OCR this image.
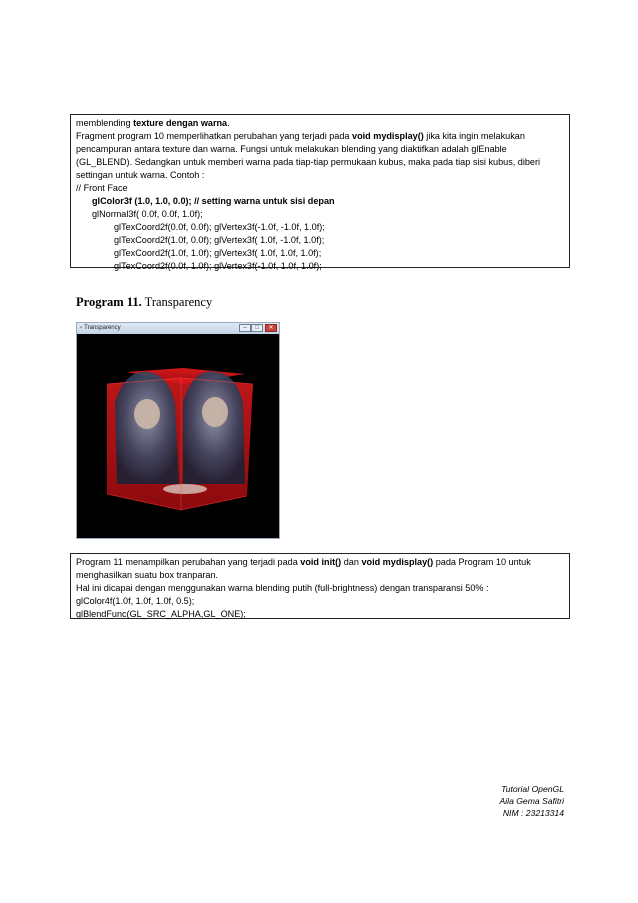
memblending texture dengan warna.

Fragment program 10 memperlihatkan perubahan yang terjadi pada void mydisplay() jika kita ingin melakukan

pencampuran antara texture dan warna. Fungsi untuk melakukan blending yang diaktifkan adalah glEnable

(GL_BLEND). Sedangkan untuk memberi warna pada tiap-tiap permukaan kubus, maka pada tiap sisi kubus, diberi

settingan untuk warna. Contoh :

// Front Face

glColor3f (1.0, 1.0, 0.0); // setting warna untuk sisi depan

glNormal3f( 0.0f, 0.0f, 1.0f);

glTexCoord2f(0.0f, 0.0f); glVertex3f(-1.0f, -1.0f, 1.0f);

glTexCoord2f(1.0f, 0.0f); glVertex3f( 1.0f, -1.0f, 1.0f);

glTexCoord2f(1.0f, 1.0f); glVertex3f( 1.0f, 1.0f, 1.0f);

glTexCoord2f(0.0f, 1.0f); glVertex3f(-1.0f, 1.0f, 1.0f);

Program 11. Transparency
▫ Transparency	–	□	✕

Program 11 menampilkan perubahan yang terjadi pada void init() dan void mydisplay() pada Program 10 untuk

menghasilkan suatu box tranparan.

Hal ini dicapai dengan menggunakan warna blending putih (full-brightness) dengan transparansi 50% :

glColor4f(1.0f, 1.0f, 1.0f, 0.5);

glBlendFunc(GL_SRC_ALPHA,GL_ONE);

Tutorial OpenGL
Aila Gema Safitri
NIM : 23213314
